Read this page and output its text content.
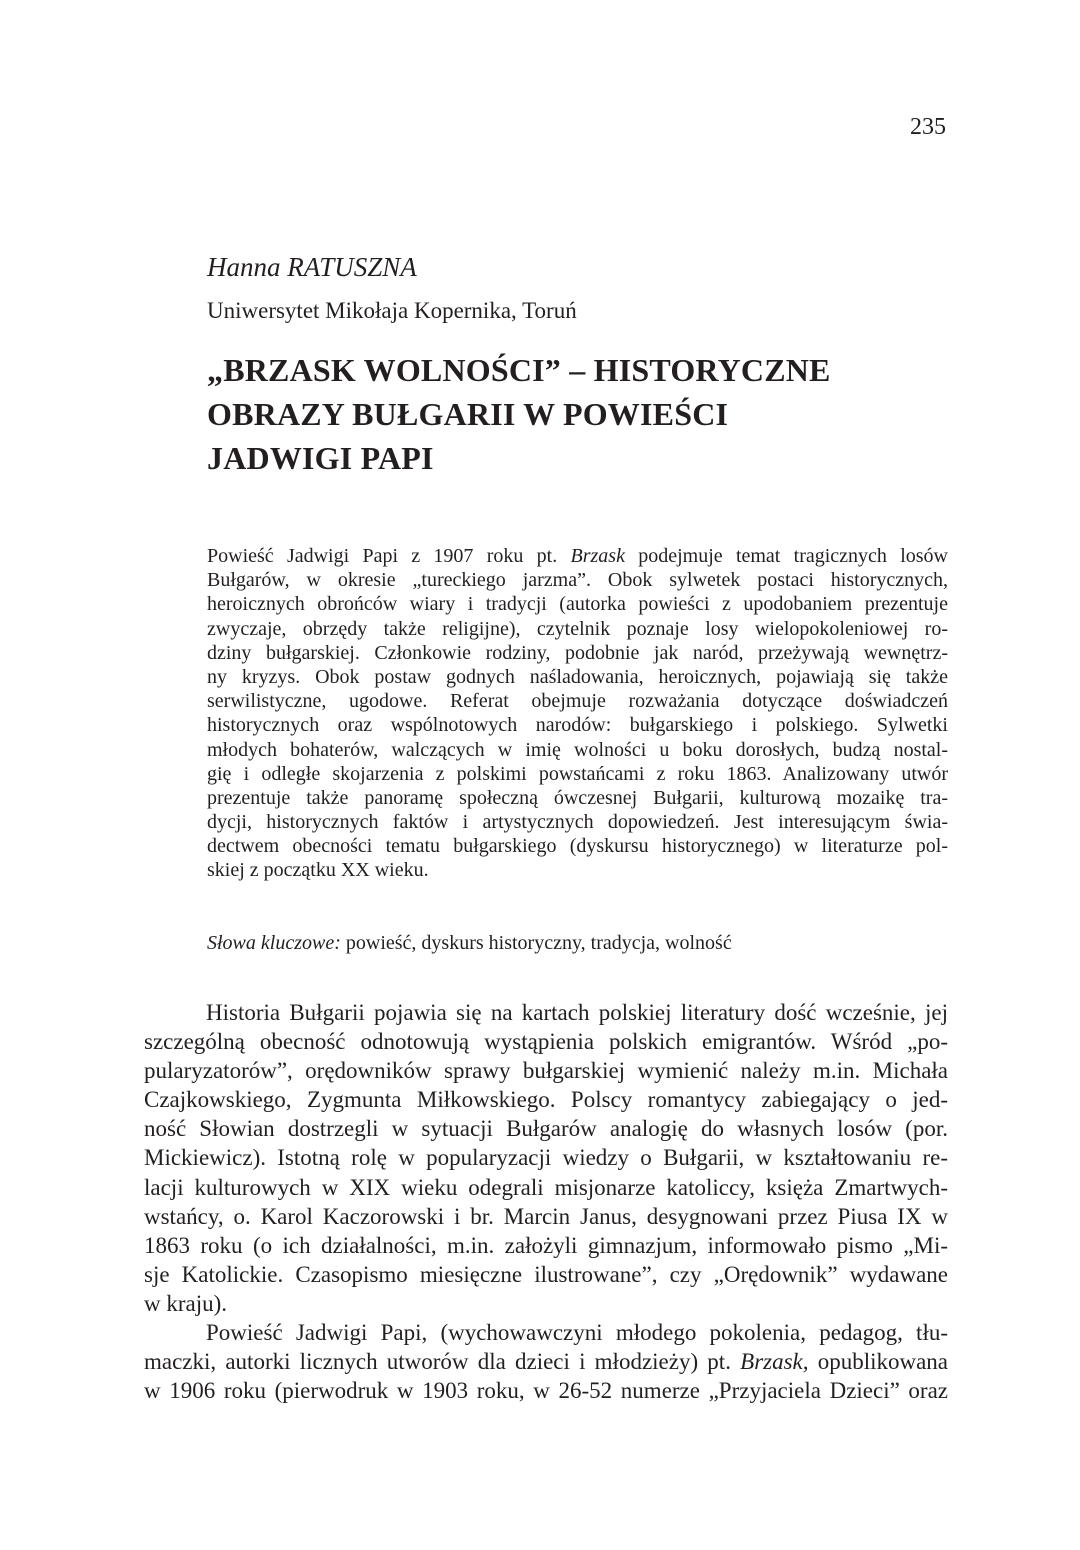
235

Hanna RATUSZNA

Uniwersytet Mikołaja Kopernika, Toruń

„BRZASK WOLNOŚCI” – HISTORYCZNE
OBRAZY BUŁGARII W POWIEŚCI
JADWIGI PAPI
Powieść Jadwigi Papi z 1907 roku pt. Brzask podejmuje temat tragicznych losów
Bułgarów, w okresie „tureckiego jarzma”. Obok sylwetek postaci historycznych,
heroicznych obrońców wiary i tradycji (autorka powieści z upodobaniem prezentuje
zwyczaje, obrzędy także religijne), czytelnik poznaje losy wielopokoleniowej ro-
dziny bułgarskiej. Członkowie rodziny, podobnie jak naród, przeżywają wewnętrz-
ny kryzys. Obok postaw godnych naśladowania, heroicznych, pojawiają się także
serwilistyczne, ugodowe. Referat obejmuje rozważania dotyczące doświadczeń
historycznych oraz wspólnotowych narodów: bułgarskiego i polskiego. Sylwetki
młodych bohaterów, walczących w imię wolności u boku dorosłych, budzą nostal-
gię i odległe skojarzenia z polskimi powstańcami z roku 1863. Analizowany utwór
prezentuje także panoramę społeczną ówczesnej Bułgarii, kulturową mozaikę tra-
dycji, historycznych faktów i artystycznych dopowiedzeń. Jest interesującym świa-
dectwem obecności tematu bułgarskiego (dyskursu historycznego) w literaturze pol-
skiej z początku XX wieku.
Słowa kluczowe: powieść, dyskurs historyczny, tradycja, wolność
Historia Bułgarii pojawia się na kartach polskiej literatury dość wcześnie, jej
szczególną obecność odnotowują wystąpienia polskich emigrantów. Wśród „po-
pularyzatorów”, orędowników sprawy bułgarskiej wymienić należy m.in. Michała
Czajkowskiego, Zygmunta Miłkowskiego. Polscy romantycy zabiegający o jed-
ność Słowian dostrzegli w sytuacji Bułgarów analogię do własnych losów (por.
Mickiewicz). Istotną rolę w popularyzacji wiedzy o Bułgarii, w kształtowaniu re-
lacji kulturowych w XIX wieku odegrali misjonarze katoliccy, księża Zmartwych-
wstańcy, o. Karol Kaczorowski i br. Marcin Janus, desygnowani przez Piusa IX w
1863 roku (o ich działalności, m.in. założyli gimnazjum, informowało pismo „Mi-
sje Katolickie. Czasopismo miesięczne ilustrowane”, czy „Orędownik” wydawane
w kraju).
Powieść Jadwigi Papi, (wychowawczyni młodego pokolenia, pedagog, tłu-
maczki, autorki licznych utworów dla dzieci i młodzieży) pt. Brzask, opublikowana
w 1906 roku (pierwodruk w 1903 roku, w 26-52 numerze „Przyjaciela Dzieci” oraz
